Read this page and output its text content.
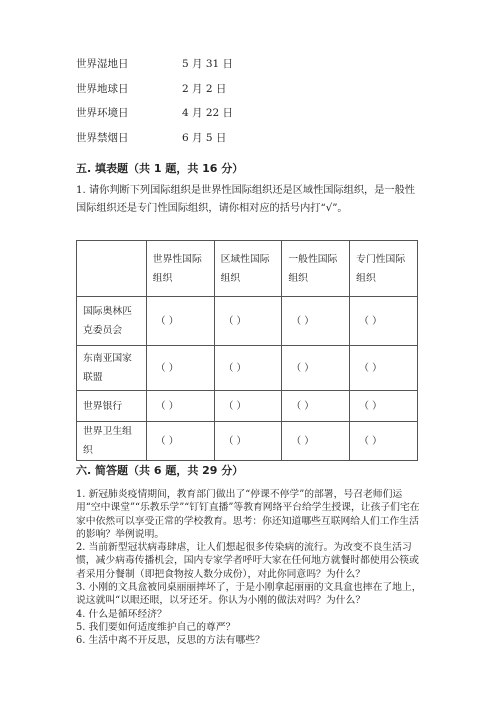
世界湿地日	5 月 31 日
世界地球日	2 月 2 日
世界环境日	4 月 22 日
世界禁烟日	6 月 5 日
五. 填表题（共 1 题，共 16 分）
1. 请你判断下列国际组织是世界性国际组织还是区域性国际组织，是一般性国际组织还是专门性国际组织，请你相对应的括号内打“√”。
	世界性国际组织	区域性国际组织	一般性国际组织	专门性国际组织
国际奥林匹克委员会	（ ）	（ ）	（ ）	（ ）
东南亚国家联盟	（ ）	（ ）	（ ）	（ ）
世界银行	（ ）	（ ）	（ ）	（ ）
世界卫生组织	（ ）	（ ）	（ ）	（ ）
六. 简答题（共 6 题，共 29 分）

1. 新冠肺炎疫情期间，教育部门做出了“停课不停学”的部署，号召老师们运用“空中课堂”“乐教乐学”“钉钉直播”等教育网络平台给学生授课，让孩子们宅在家中依然可以享受正常的学校教育。思考：你还知道哪些互联网给人们工作生活的影响？举例说明。

2. 当前新型冠状病毒肆虐，让人们想起很多传染病的流行。为改变不良生活习惯，减少病毒传播机会，国内专家学者呼吁大家在任何地方就餐时都使用公筷或者采用分餐制（即把食物按人数分成份），对此你同意吗？为什么？

3. 小刚的文具盒被同桌丽丽摔坏了，于是小刚拿起丽丽的文具盒也摔在了地上，说这就叫“以眼还眼，以牙还牙。你认为小刚的做法对吗？为什么？

4. 什么是循环经济？

5. 我们要如何适度维护自己的尊严？

6. 生活中离不开反思，反思的方法有哪些？
